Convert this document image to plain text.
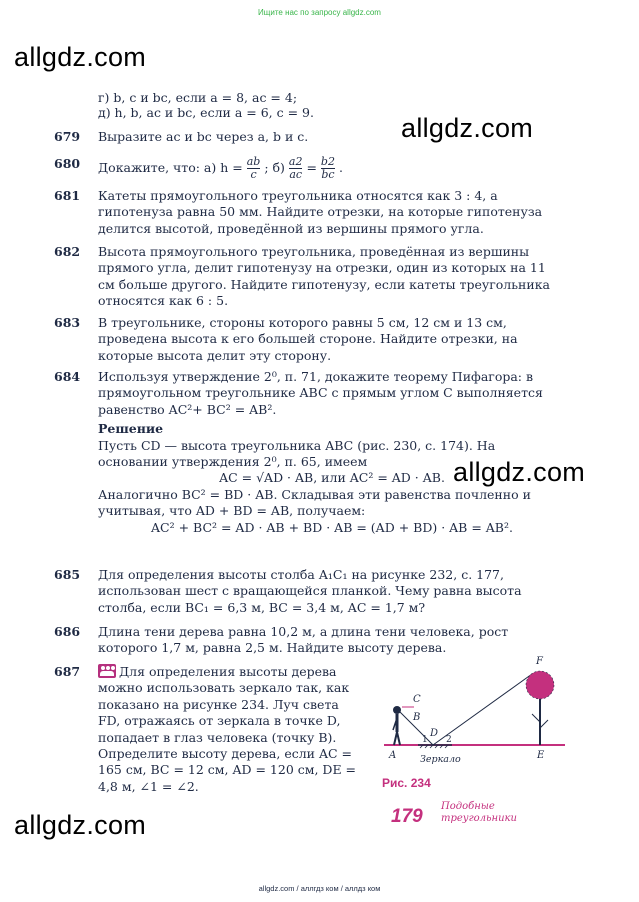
Ищите нас по запросу allgdz.com
allgdz.com
allgdz.com
allgdz.com
allgdz.com
г) b, c и bc, если a = 8, ac = 4;
д) h, b, ac и bc, если a = 6, c = 9.
679 Выразите ac и bc через a, b и c.

680 Докажите, что: а) $h = \frac{ab}{c}$ ; $б) \frac{a2}{ac} = \frac{b2}{bc}$ .
681 Катеты прямоугольного треугольника относятся как 3 : 4, а гипотенуза равна 50 мм. Найдите отрезки, на которые гипотенуза делится высотой, проведённой из вершины прямого угла.

682 Высота прямоугольного треугольника, проведённая из вершины прямого угла, делит гипотенузу на отрезки, один из которых на 11 см больше другого. Найдите гипотенузу, если катеты треугольника относятся как 6 : 5.

683 В треугольнике, стороны которого равны 5 см, 12 см и 13 см, проведена высота к его большей стороне. Найдите отрезки, на которые высота делит эту сторону.

684 Используя утверждение 2⁰, п. 71, докажите теорему Пифагора: в прямоугольном треугольнике ABC с прямым углом C выполняется равенство AC²+ BC² = AB².

Решение

Пусть CD — высота треугольника ABC (рис. 230, с. 174). На основании утверждения 2⁰, п. 65, имеем

AC = √AD · AB, или AC² = AD · AB.

Аналогично BC² = BD · AB. Складывая эти равенства почленно и учитывая, что AD + BD = AB, получаем:

AC² + BC² = AD · AB + BD · AB = (AD + BD) · AB = AB².

685 Для определения высоты столба A₁C₁ на рисунке 232, с. 177, использован шест с вращающейся планкой. Чему равна высота столба, если BC₁ = 6,3 м, BC = 3,4 м, AC = 1,7 м?

686 Длина тени дерева равна 10,2 м, а длина тени человека, рост которого 1,7 м, равна 2,5 м. Найдите высоту дерева.

687	Для определения высоты дерева можно использовать зеркало так, как показано на рисунке 234. Луч света FD, отражаясь от зеркала в точке D, попадает в глаз человека (точку B). Определите высоту дерева, если AC = 165 см, BC = 12 см, AD = 120 см, DE = 4,8 м, ∠1 = ∠2.

F
C
B
A
D
E
1 2
Зеркало
Рис. 234
179 Подобные
треугольники
allgdz.com / аллгдз ком / аллдз ком
